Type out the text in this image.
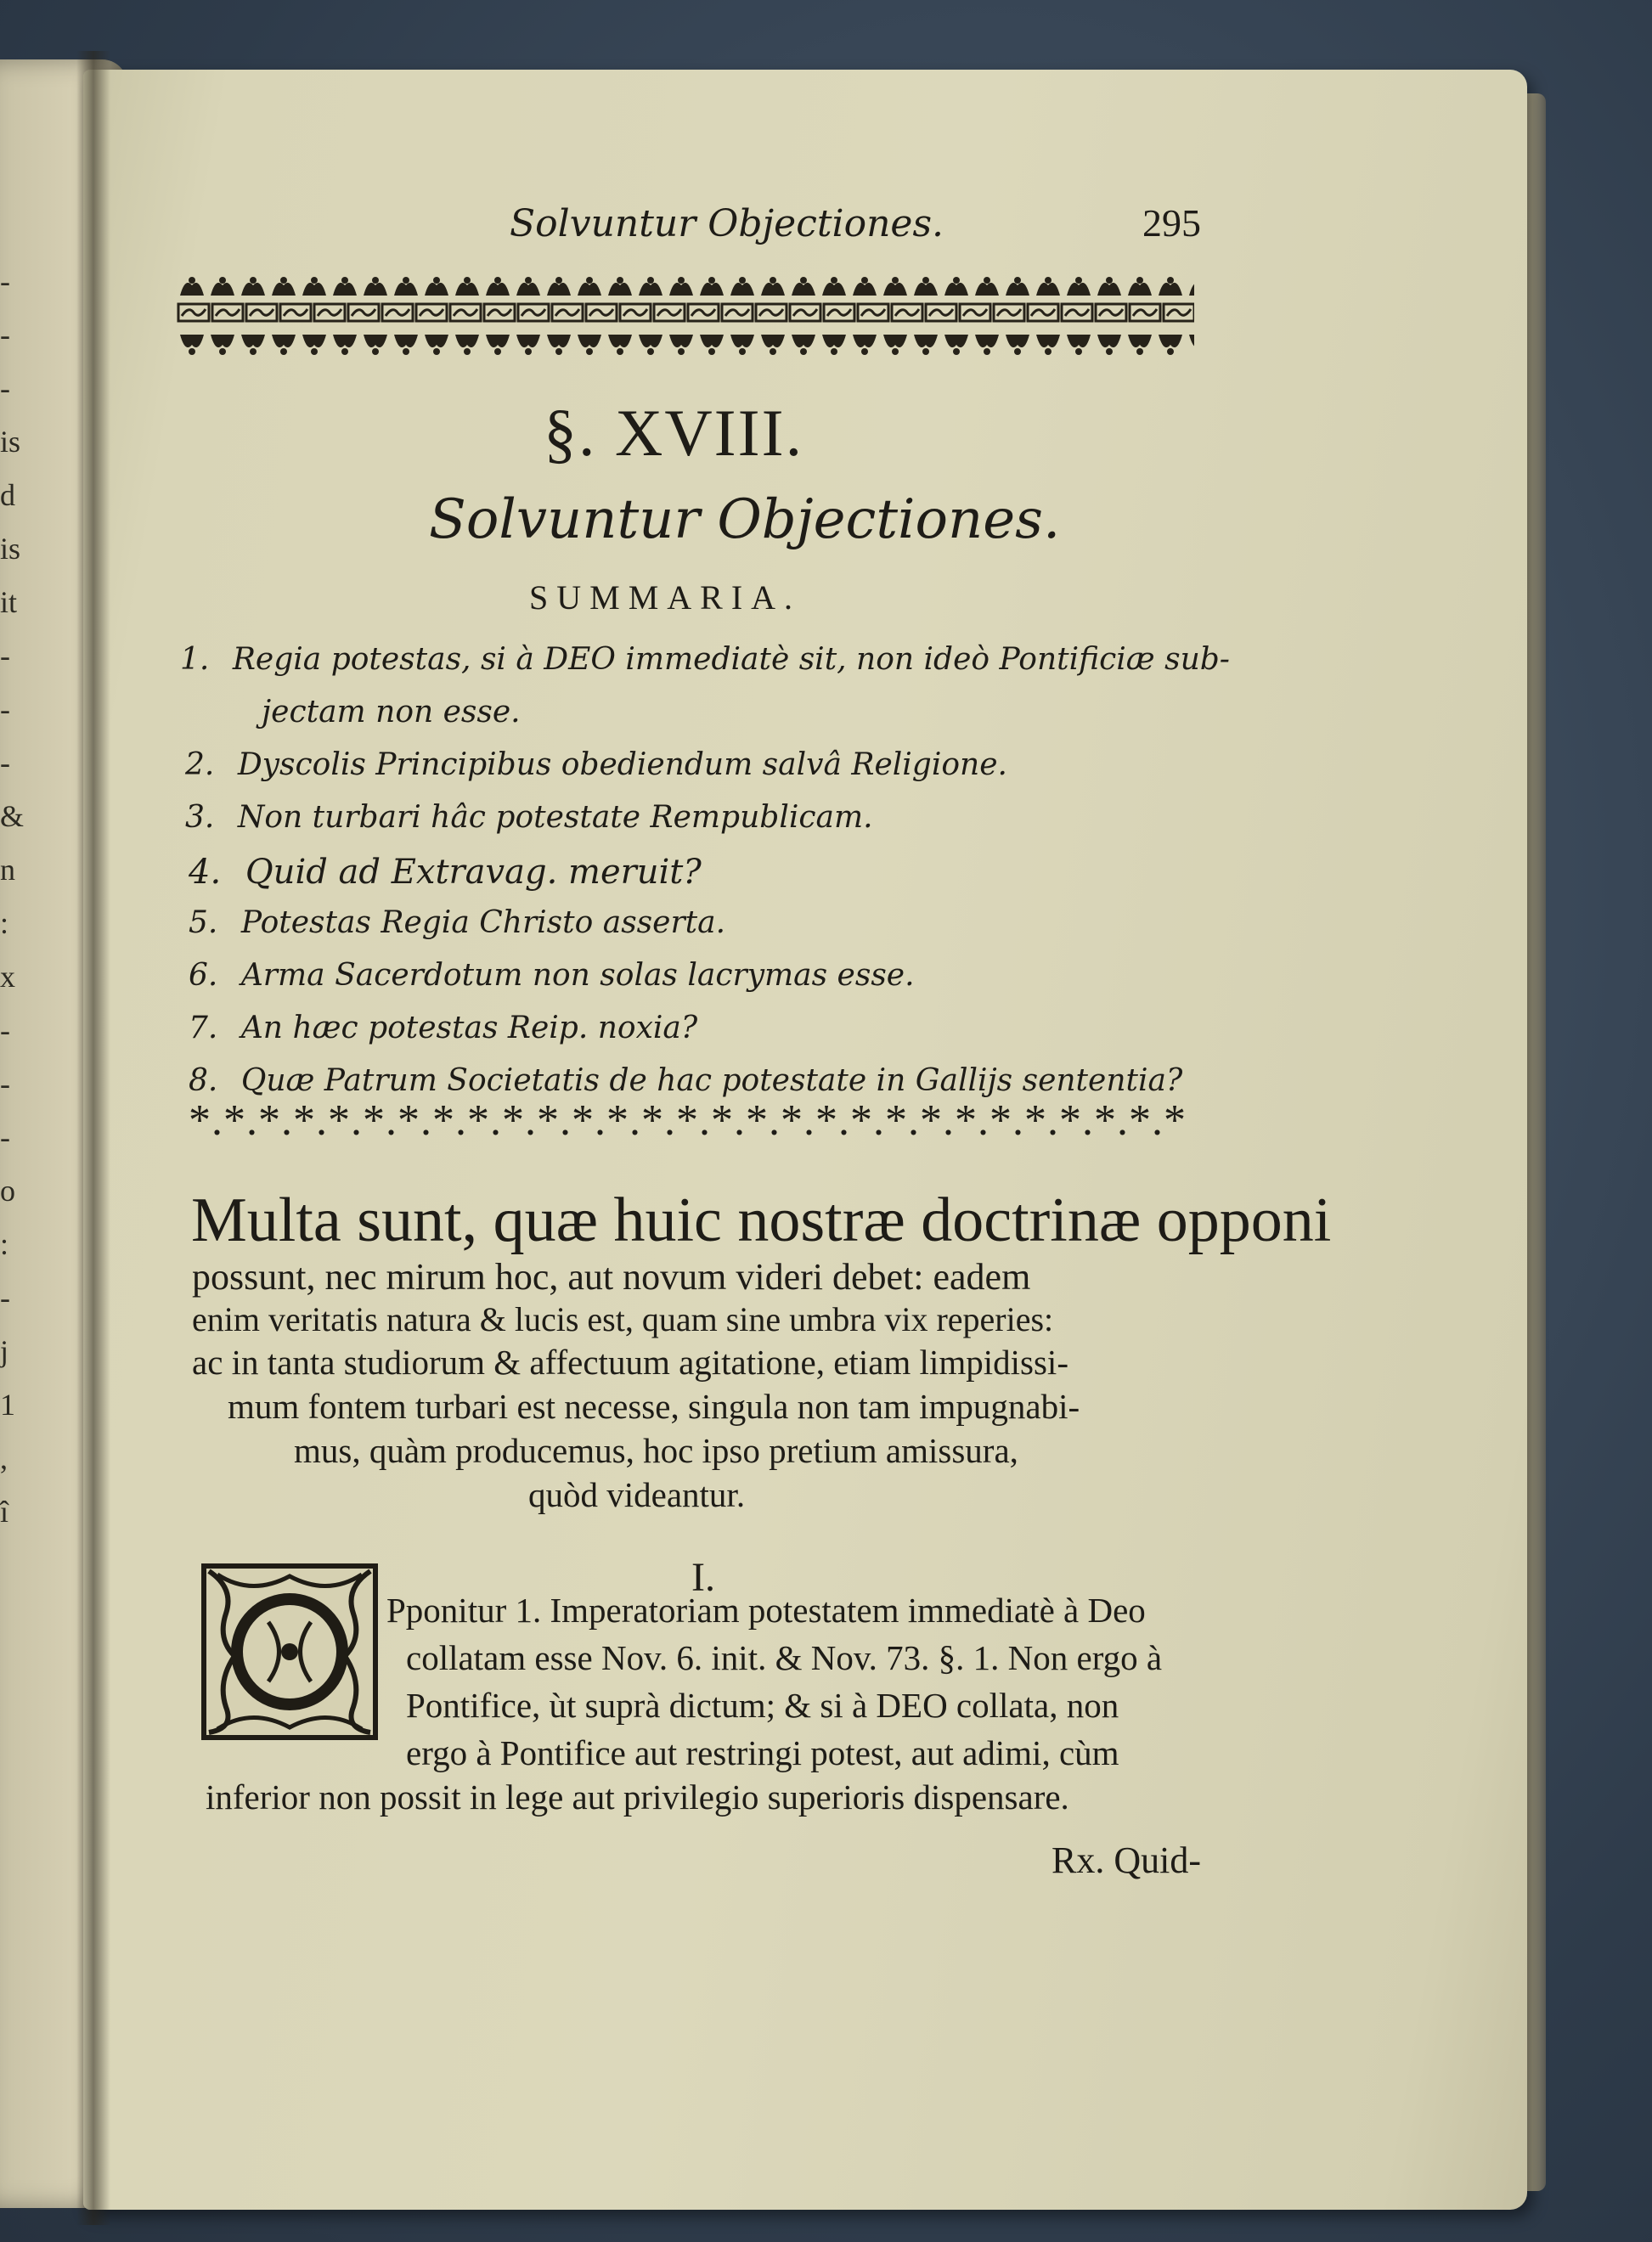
-
-
-
is
d
is
it
-
-
-
&
n
:
x
-
-
-
o
:
-
j
1
,
î
Solvuntur Objectiones.	295
§. XVIII.
Solvuntur Objectiones.
SUMMARIA.
1. Regia potestas, si à DEO immediatè sit, non ideò Pontificiæ sub-
jectam non esse.
2. Dyscolis Principibus obediendum salvâ Religione.
3. Non turbari hâc potestate Rempublicam.
4. Quid ad Extravag. meruit?
5. Potestas Regia Christo asserta.
6. Arma Sacerdotum non solas lacrymas esse.
7. An hæc potestas Reip. noxia?
8. Quæ Patrum Societatis de hac potestate in Gallijs sententia?
*.*.*.*.*.*.*.*.*.*.*.*.*.*.*.*.*.*.*.*.*.*.*.*.*.*.*.*.*
Multa sunt, quæ huic nostræ doctrinæ opponi
possunt, nec mirum hoc, aut novum videri debet: eadem
enim veritatis natura & lucis est, quam sine umbra vix reperies:
ac in tanta studiorum & affectuum agitatione, etiam limpidissi-
mum fontem turbari est necesse, singula non tam impugnabi-
mus, quàm producemus, hoc ipso pretium amissura,
quòd videantur.
I.
Pponitur 1. Imperatoriam potestatem immediatè à Deo
collatam esse Nov. 6. init. & Nov. 73. §. 1. Non ergo à
Pontifice, ùt suprà dictum; & si à DEO collata, non
ergo à Pontifice aut restringi potest, aut adimi, cùm
inferior non possit in lege aut privilegio superioris dispensare.
Rx. Quid-
